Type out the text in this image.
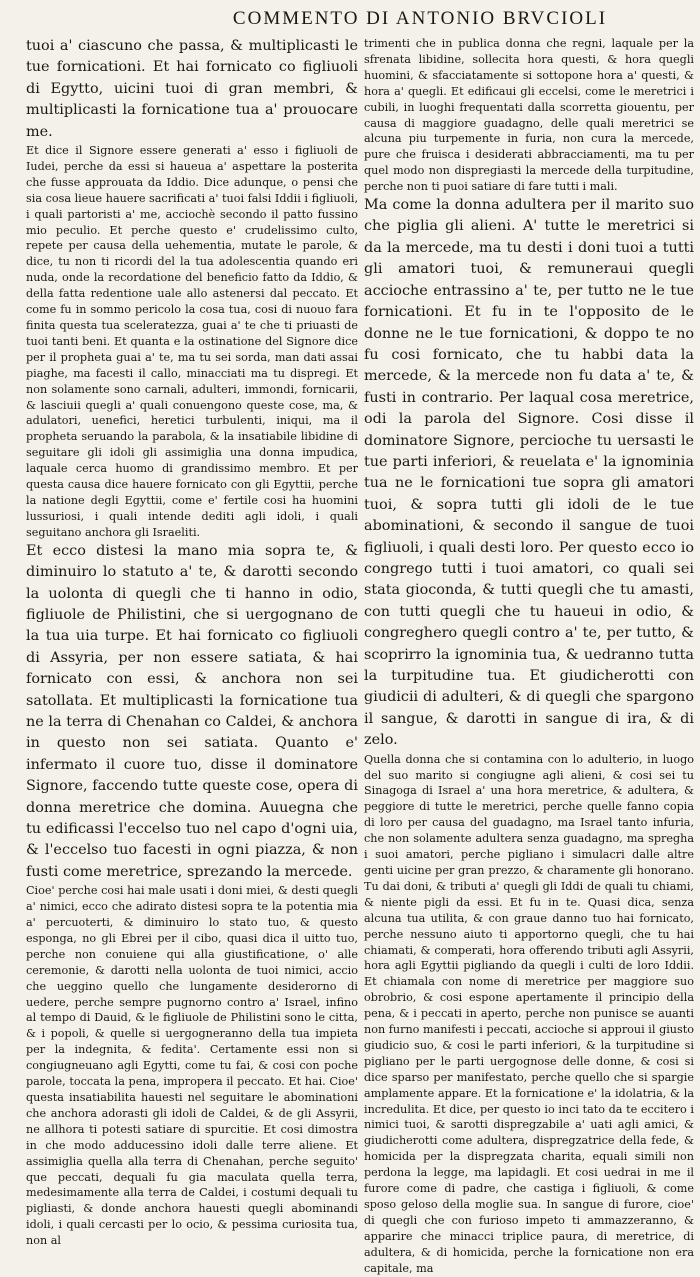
COMMENTO DI ANTONIO BRVCIOLI

tuoi a' ciascuno che passa, & multiplicasti le tue fornicationi. Et hai fornicato co figliuoli di Egytto, uicini tuoi di gran membri, & multiplicasti la fornicatione tua a' prouocare me.

Et dice il Signore essere generati a' esso i figliuoli de Iudei, perche da essi si haueua a' aspettare la posterita che fusse approuata da Iddio. Dice adunque, o pensi che sia cosa lieue hauere sacrificati a' tuoi falsi Iddii i figliuoli, i quali partoristi a' me, acciochè secondo il patto fussino mio peculio. Et perche questo e' crudelissimo culto, repete per causa della uehementia, mutate le parole, & dice, tu non ti ricordi del la tua adolescentia quando eri nuda, onde la recordatione del beneficio fatto da Iddio, & della fatta redentione uale allo astenersi dal peccato. Et come fu in sommo pericolo la cosa tua, cosi di nuouo fara finita questa tua sceleratezza, guai a' te che ti priuasti de tuoi tanti beni. Et quanta e la ostinatione del Signore dice per il propheta guai a' te, ma tu sei sorda, man dati assai piaghe, ma facesti il callo, minacciati ma tu dispregi. Et non solamente sono carnali, adulteri, immondi, fornicarii, & lasciuii quegli a' quali conuengono queste cose, ma, & adulatori, uenefici, heretici turbulenti, iniqui, ma il propheta seruando la parabola, & la insatiabile libidine di seguitare gli idoli gli assimiglia una donna impudica, laquale cerca huomo di grandissimo membro. Et per questa causa dice hauere fornicato con gli Egyttii, perche la natione degli Egyttii, come e' fertile cosi ha huomini lussuriosi, i quali intende dediti agli idoli, i quali seguitano anchora gli Israeliti.

Et ecco distesi la mano mia sopra te, & diminuiro lo statuto a' te, & darotti secondo la uolonta di quegli che ti hanno in odio, figliuole de Philistini, che si uergognano de la tua uia turpe. Et hai fornicato co figliuoli di Assyria, per non essere satiata, & hai fornicato con essi, & anchora non sei satollata. Et multiplicasti la fornicatione tua ne la terra di Chenahan co Caldei, & anchora in questo non sei satiata. Quanto e' infermato il cuore tuo, disse il dominatore Signore, faccendo tutte queste cose, opera di donna meretrice che domina. Auuegna che tu edificassi l'eccelso tuo nel capo d'ogni uia, & l'eccelso tuo facesti in ogni piazza, & non fusti come meretrice, sprezando la mercede.

Cioe' perche cosi hai male usati i doni miei, & desti quegli a' nimici, ecco che adirato distesi sopra te la potentia mia a' percuoterti, & diminuiro lo stato tuo, & questo esponga, no gli Ebrei per il cibo, quasi dica il uitto tuo, perche non conuiene qui alla giustificatione, o' alle ceremonie, & darotti nella uolonta de tuoi nimici, accio che ueggino quello che lungamente desiderorno di uedere, perche sempre pugnorno contro a' Israel, infino al tempo di Dauid, & le figliuole de Philistini sono le citta, & i popoli, & quelle si uergogneranno della tua impieta per la indegnita, & fedita'. Certamente essi non si congiugneuano agli Egytti, come tu fai, & cosi con poche parole, toccata la pena, impropera il peccato. Et hai. Cioe' questa insatiabilita hauesti nel seguitare le abominationi che anchora adorasti gli idoli de Caldei, & de gli Assyrii, ne allhora ti potesti satiare di spurcitie. Et cosi dimostra in che modo adducessino idoli dalle terre aliene. Et assimiglia quella alla terra di Chenahan, perche seguito' que peccati, dequali fu gia maculata quella terra, medesimamente alla terra de Caldei, i costumi dequali tu pigliasti, & donde anchora hauesti quegli abominandi idoli, i quali cercasti per lo ocio, & pessima curiosita tua, non al

trimenti che in publica donna che regni, laquale per la sfrenata libidine, sollecita hora questi, & hora quegli huomini, & sfacciatamente si sottopone hora a' questi, & hora a' quegli. Et edificaui gli eccelsi, come le meretrici i cubili, in luoghi frequentati dalla scorretta giouentu, per causa di maggiore guadagno, delle quali meretrici se alcuna piu turpemente in furia, non cura la mercede, pure che fruisca i desiderati abbracciamenti, ma tu per quel modo non dispregiasti la mercede della turpitudine, perche non ti puoi satiare di fare tutti i mali.

Ma come la donna adultera per il marito suo che piglia gli alieni. A' tutte le meretrici si da la mercede, ma tu desti i doni tuoi a tutti gli amatori tuoi, & remuneraui quegli accioche entrassino a' te, per tutto ne le tue fornicationi. Et fu in te l'opposito de le donne ne le tue fornicationi, & doppo te no fu cosi fornicato, che tu habbi data la mercede, & la mercede non fu data a' te, & fusti in contrario. Per laqual cosa meretrice, odi la parola del Signore. Cosi disse il dominatore Signore, percioche tu uersasti le tue parti inferiori, & reuelata e' la ignominia tua ne le fornicationi tue sopra gli amatori tuoi, & sopra tutti gli idoli de le tue abominationi, & secondo il sangue de tuoi figliuoli, i quali desti loro. Per questo ecco io congrego tutti i tuoi amatori, co quali sei stata gioconda, & tutti quegli che tu amasti, con tutti quegli che tu haueui in odio, & congreghero quegli contro a' te, per tutto, & scoprirro la ignominia tua, & uedranno tutta la turpitudine tua. Et giudicherotti con giudicii di adulteri, & di quegli che spargono il sangue, & darotti in sangue di ira, & di zelo.

Quella donna che si contamina con lo adulterio, in luogo del suo marito si congiugne agli alieni, & cosi sei tu Sinagoga di Israel a' una hora meretrice, & adultera, & peggiore di tutte le meretrici, perche quelle fanno copia di loro per causa del guadagno, ma Israel tanto infuria, che non solamente adultera senza guadagno, ma spregha i suoi amatori, perche pigliano i simulacri dalle altre genti uicine per gran prezzo, & charamente gli honorano. Tu dai doni, & tributi a' quegli gli Iddi de quali tu chiami, & niente pigli da essi. Et fu in te. Quasi dica, senza alcuna tua utilita, & con graue danno tuo hai fornicato, perche nessuno aiuto ti apportorno quegli, che tu hai chiamati, & comperati, hora offerendo tributi agli Assyrii, hora agli Egyttii pigliando da quegli i culti de loro Iddii. Et chiamala con nome di meretrice per maggiore suo obrobrio, & cosi espone apertamente il principio della pena, & i peccati in aperto, perche non punisce se auanti non furno manifesti i peccati, accioche si approui il giusto giudicio suo, & cosi le parti inferiori, & la turpitudine si pigliano per le parti uergognose delle donne, & cosi si dice sparso per manifestato, perche quello che si spargie amplamente appare. Et la fornicatione e' la idolatria, & la incredulita. Et dice, per questo io inci tato da te eccitero i nimici tuoi, & sarotti dispregzabile a' uati agli amici, & giudicherotti come adultera, dispregzatrice della fede, & homicida per la dispregzata charita, equali simili non perdona la legge, ma lapidagli. Et cosi uedrai in me il furore come di padre, che castiga i figliuoli, & come sposo geloso della moglie sua. In sangue di furore, cioe' di quegli che con furioso impeto ti ammazzeranno, & apparire che minacci triplice paura, di meretrice, di adultera, & di homicida, perche la fornicatione non era capitale, ma
